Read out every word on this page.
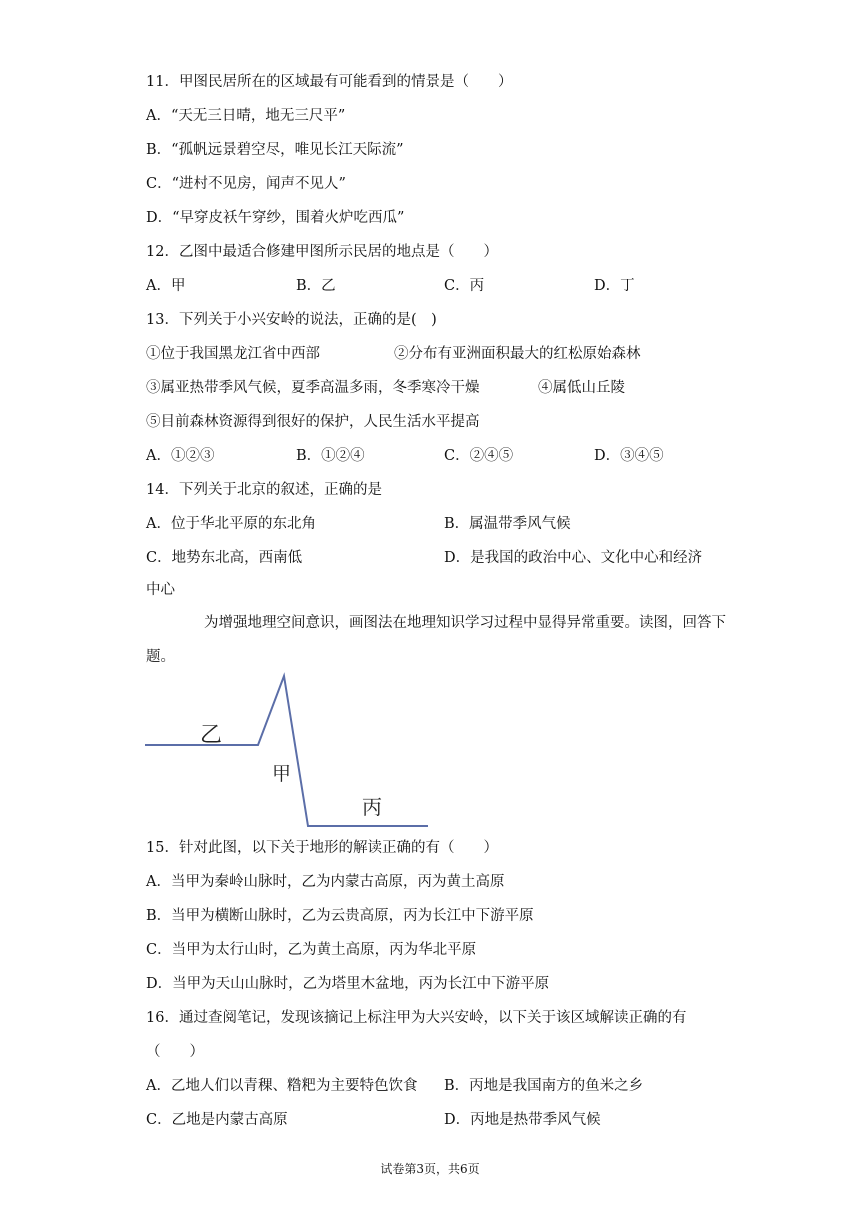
11．甲图民居所在的区域最有可能看到的情景是（　　）
A．“天无三日晴，地无三尺平”
B．“孤帆远景碧空尽，唯见长江天际流”
C．“进村不见房，闻声不见人”
D．“早穿皮袄午穿纱，围着火炉吃西瓜”
12．乙图中最适合修建甲图所示民居的地点是（　　）
A．甲	B．乙	C．丙	D．丁
13．下列关于小兴安岭的说法，正确的是(　)
①位于我国黑龙江省中西部	②分布有亚洲面积最大的红松原始森林
③属亚热带季风气候，夏季高温多雨，冬季寒冷干燥	④属低山丘陵
⑤目前森林资源得到很好的保护，人民生活水平提高
A．①②③	B．①②④	C．②④⑤	D．③④⑤
14．下列关于北京的叙述，正确的是
A．位于华北平原的东北角	B．属温带季风气候
C．地势东北高，西南低	D．是我国的政治中心、文化中心和经济
中心
为增强地理空间意识，画图法在地理知识学习过程中显得异常重要。读图，回答下题。
乙
甲
丙
15．针对此图，以下关于地形的解读正确的有（　　）
A．当甲为秦岭山脉时，乙为内蒙古高原，丙为黄土高原
B．当甲为横断山脉时，乙为云贵高原，丙为长江中下游平原
C．当甲为太行山时，乙为黄土高原，丙为华北平原
D．当甲为天山山脉时，乙为塔里木盆地，丙为长江中下游平原
16．通过查阅笔记，发现该摘记上标注甲为大兴安岭，以下关于该区域解读正确的有
（　　）
A．乙地人们以青稞、糌粑为主要特色饮食 B．丙地是我国南方的鱼米之乡
C．乙地是内蒙古高原	D．丙地是热带季风气候
试卷第3页，共6页
